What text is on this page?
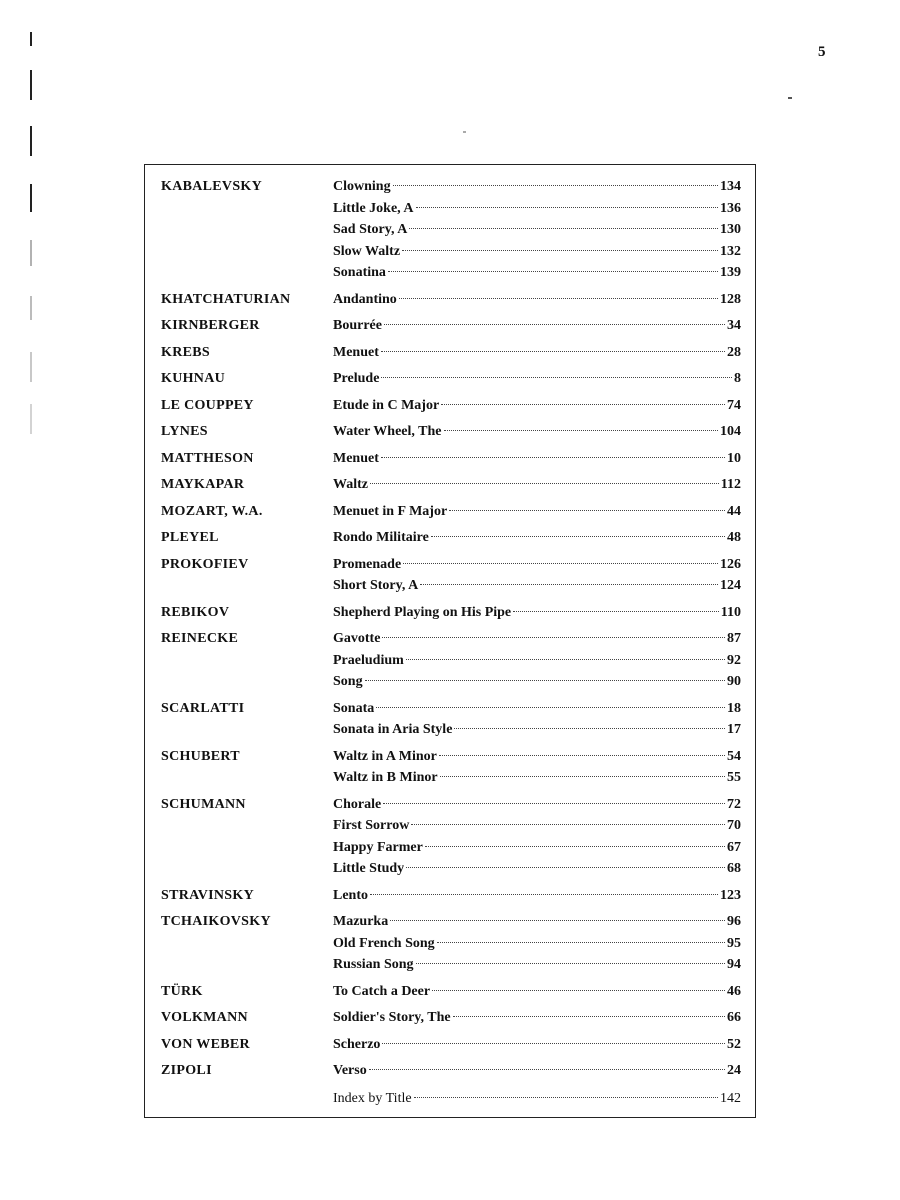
5
KABALEVSKY	Clowning	134
Little Joke, A	136
Sad Story, A	130
Slow Waltz	132
Sonatina	139
KHATCHATURIAN	Andantino	128
KIRNBERGER	Bourrée	34
KREBS	Menuet	28
KUHNAU	Prelude	8
LE COUPPEY	Etude in C Major	74
LYNES	Water Wheel, The	104
MATTHESON	Menuet	10
MAYKAPAR	Waltz	112
MOZART, W.A.	Menuet in F Major	44
PLEYEL	Rondo Militaire	48
PROKOFIEV	Promenade	126
Short Story, A	124
REBIKOV	Shepherd Playing on His Pipe	110
REINECKE	Gavotte	87
Praeludium	92
Song	90
SCARLATTI	Sonata	18
Sonata in Aria Style	17
SCHUBERT	Waltz in A Minor	54
Waltz in B Minor	55
SCHUMANN	Chorale	72
First Sorrow	70
Happy Farmer	67
Little Study	68
STRAVINSKY	Lento	123
TCHAIKOVSKY	Mazurka	96
Old French Song	95
Russian Song	94
TÜRK	To Catch a Deer	46
VOLKMANN	Soldier's Story, The	66
VON WEBER	Scherzo	52
ZIPOLI	Verso	24
Index by Title	142
